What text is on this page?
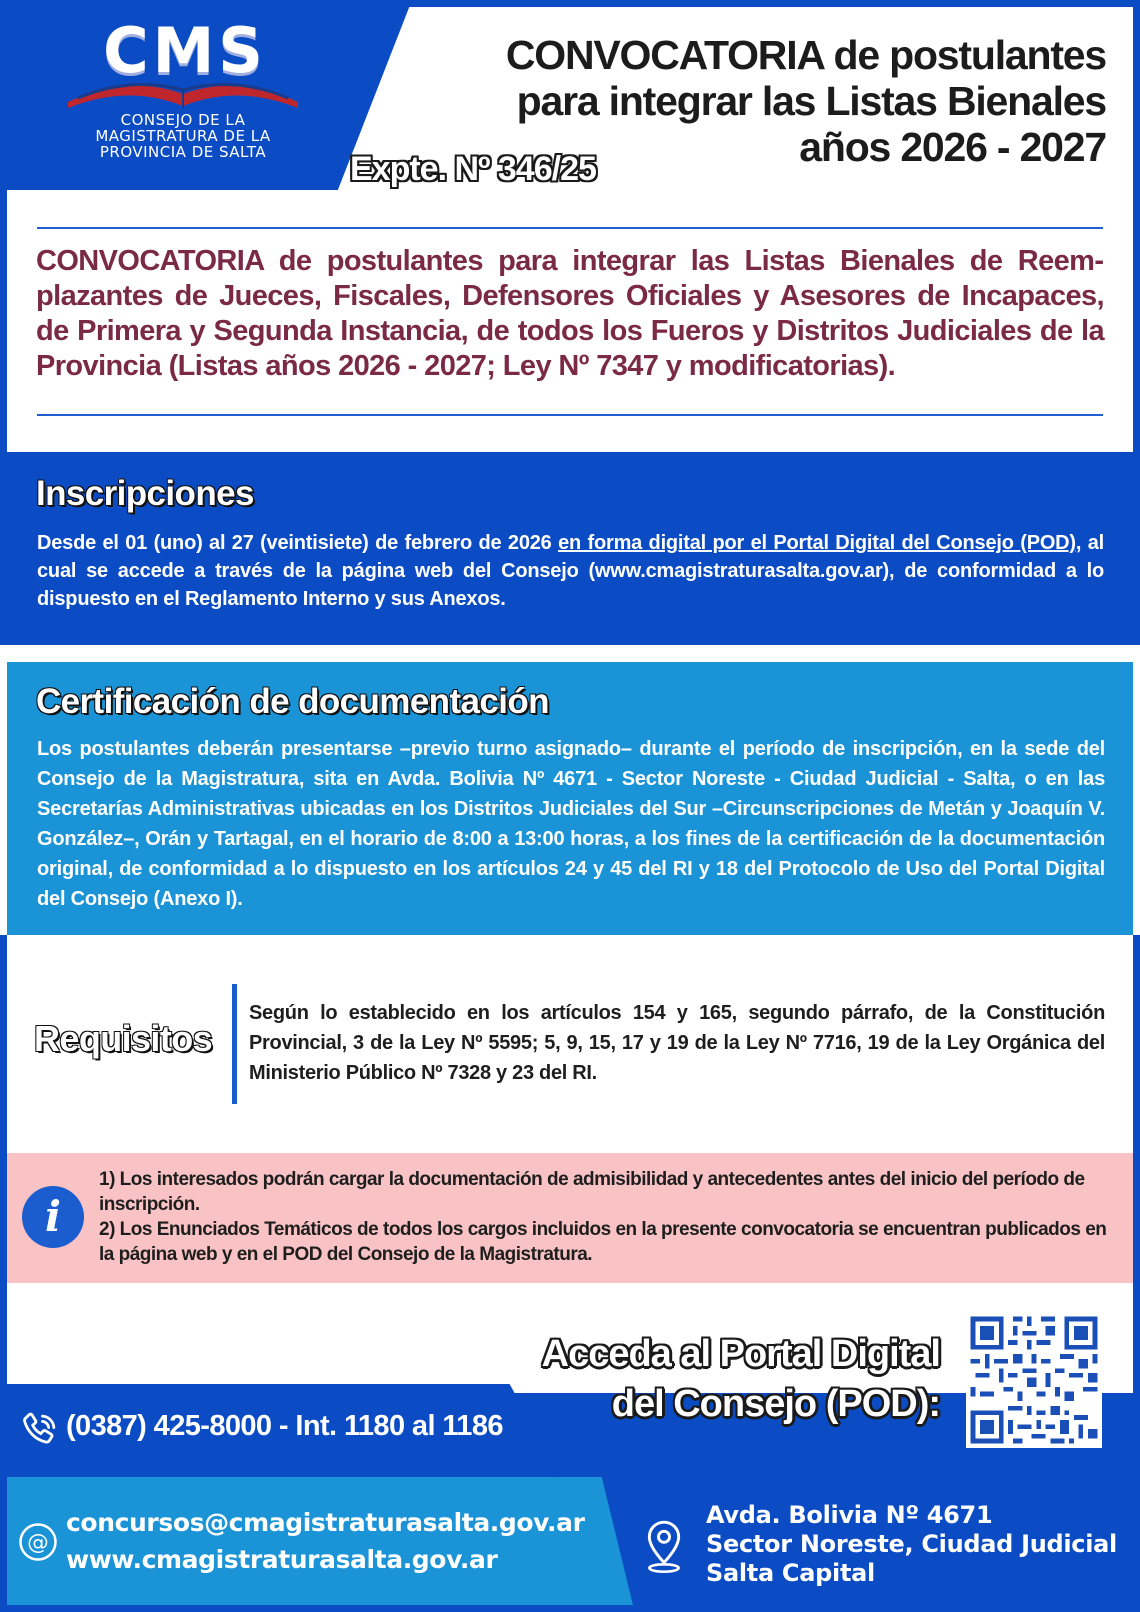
CMS
CONSEJO DE LA
MAGISTRATURA DE LA
PROVINCIA DE SALTA
CONVOCATORIA de postulantes
para integrar las Listas Bienales
años 2026 - 2027
Expte. Nº 346/25
CONVOCATORIA de postulantes para integrar las Listas Bienales de Reemplazantes de Jueces, Fiscales, Defensores Oficiales y Asesores de Incapaces, de Primera y Segunda Instancia, de todos los Fueros y Distritos Judiciales de la Provincia (Listas años 2026 - 2027; Ley Nº 7347 y modificatorias).
Inscripciones
Desde el 01 (uno) al 27 (veintisiete) de febrero de 2026 en forma digital por el Portal Digital del Consejo (POD), al cual se accede a través de la página web del Consejo (www.cmagistraturasalta.gov.ar), de conformidad a lo dispuesto en el Reglamento Interno y sus Anexos.
Certificación de documentación
Los postulantes deberán presentarse –previo turno asignado– durante el período de inscripción, en la sede del Consejo de la Magistratura, sita en Avda. Bolivia Nº 4671 - Sector Noreste - Ciudad Judicial - Salta, o en las Secretarías Administrativas ubicadas en los Distritos Judiciales del Sur –Circunscripciones de Metán y Joaquín V. González–, Orán y Tartagal, en el horario de 8:00 a 13:00 horas, a los fines de la certificación de la documentación original, de conformidad a lo dispuesto en los artículos 24 y 45 del RI y 18 del Protocolo de Uso del Portal Digital del Consejo (Anexo I).
Requisitos
Según lo establecido en los artículos 154 y 165, segundo párrafo, de la Constitución Provincial, 3 de la Ley Nº 5595; 5, 9, 15, 17 y 19 de la Ley Nº 7716, 19 de la Ley Orgánica del Ministerio Público Nº 7328 y 23 del RI.
i
1) Los interesados podrán cargar la documentación de admisibilidad y antecedentes antes del inicio del período de inscripción.
2) Los Enunciados Temáticos de todos los cargos incluidos en la presente convocatoria se encuentran publicados en la página web y en el POD del Consejo de la Magistratura.
Acceda al Portal Digital
del Consejo (POD):
(0387) 425-8000 - Int. 1180 al 1186
@
concursos@cmagistraturasalta.gov.ar
www.cmagistraturasalta.gov.ar
Avda. Bolivia Nº 4671
Sector Noreste, Ciudad Judicial
Salta Capital
